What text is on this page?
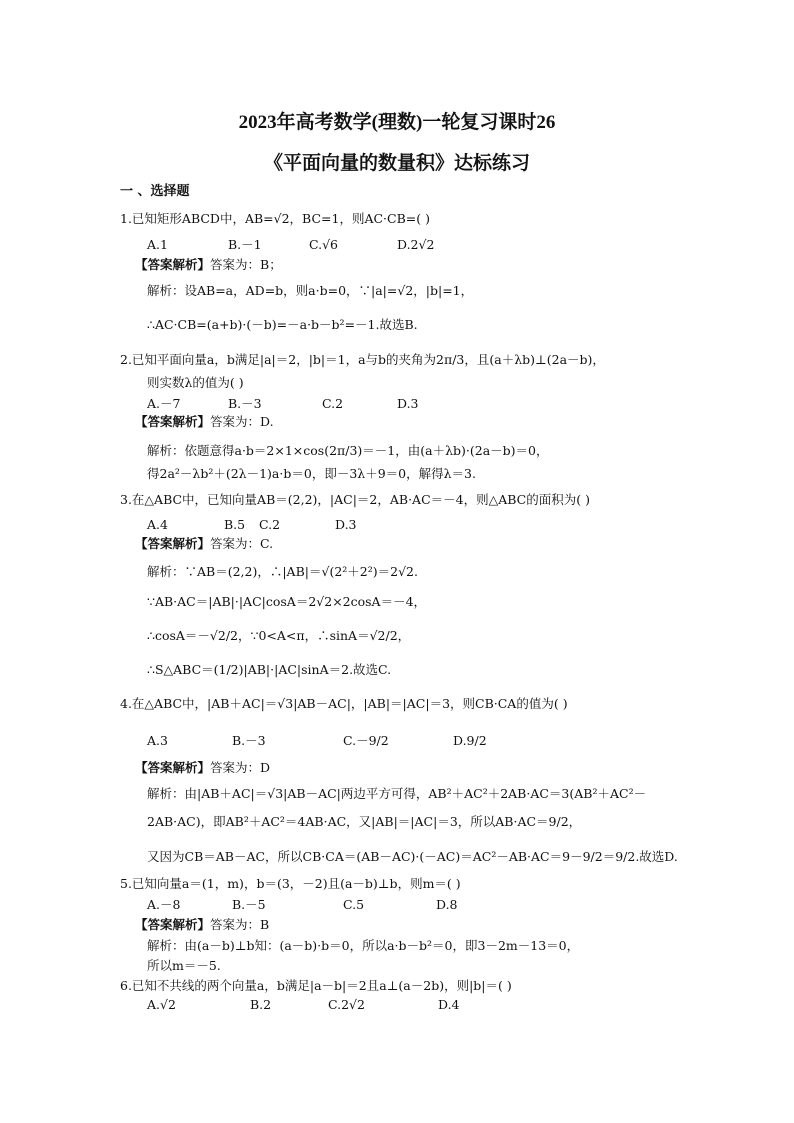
2023年高考数学(理数)一轮复习课时26
《平面向量的数量积》达标练习
一 、选择题
1.已知矩形ABCD中，AB=√2，BC=1，则AC·CB=( )
A.1	B.－1	C.√6	D.2√2
【答案解析】答案为：B；
解析：设AB=a，AD=b，则a·b=0，∵|a|=√2，|b|=1，
∴AC·CB=(a+b)·(－b)=－a·b－b²=－1.故选B.
2.已知平面向量a，b满足|a|＝2，|b|＝1，a与b的夹角为2π/3，且(a＋λb)⊥(2a－b)，
则实数λ的值为( )
A.－7	B.－3	C.2	D.3
【答案解析】答案为：D.
解析：依题意得a·b＝2×1×cos(2π/3)＝－1，由(a＋λb)·(2a－b)＝0，
得2a²－λb²＋(2λ－1)a·b＝0，即－3λ＋9＝0，解得λ＝3.
3.在△ABC中，已知向量AB＝(2,2)，|AC|＝2，AB·AC＝－4，则△ABC的面积为( )
A.4	B.5 C.2	D.3
【答案解析】答案为：C.
解析：∵AB＝(2,2)，∴|AB|＝√(2²＋2²)＝2√2.
∵AB·AC＝|AB|·|AC|cosA＝2√2×2cosA＝－4，
∴cosA＝－√2/2，∵0<A<π，∴sinA＝√2/2，
∴S△ABC＝(1/2)|AB|·|AC|sinA＝2.故选C.
4.在△ABC中，|AB＋AC|＝√3|AB－AC|，|AB|＝|AC|＝3，则CB·CA的值为( )
A.3	B.－3	C.－9/2	D.9/2
【答案解析】答案为：D
解析：由|AB＋AC|＝√3|AB－AC|两边平方可得，AB²＋AC²＋2AB·AC＝3(AB²＋AC²－
2AB·AC)，即AB²＋AC²＝4AB·AC，又|AB|＝|AC|＝3，所以AB·AC＝9/2，
又因为CB＝AB－AC，所以CB·CA＝(AB－AC)·(－AC)＝AC²－AB·AC＝9－9/2＝9/2.故选D.
5.已知向量a＝(1，m)，b＝(3，－2)且(a－b)⊥b，则m＝( )
A.－8	B.－5	C.5	D.8
【答案解析】答案为：B
解析：由(a－b)⊥b知：(a－b)·b＝0，所以a·b－b²＝0，即3－2m－13＝0，
所以m＝－5.
6.已知不共线的两个向量a，b满足|a－b|＝2且a⊥(a－2b)，则|b|＝( )
A.√2	B.2	C.2√2	D.4
